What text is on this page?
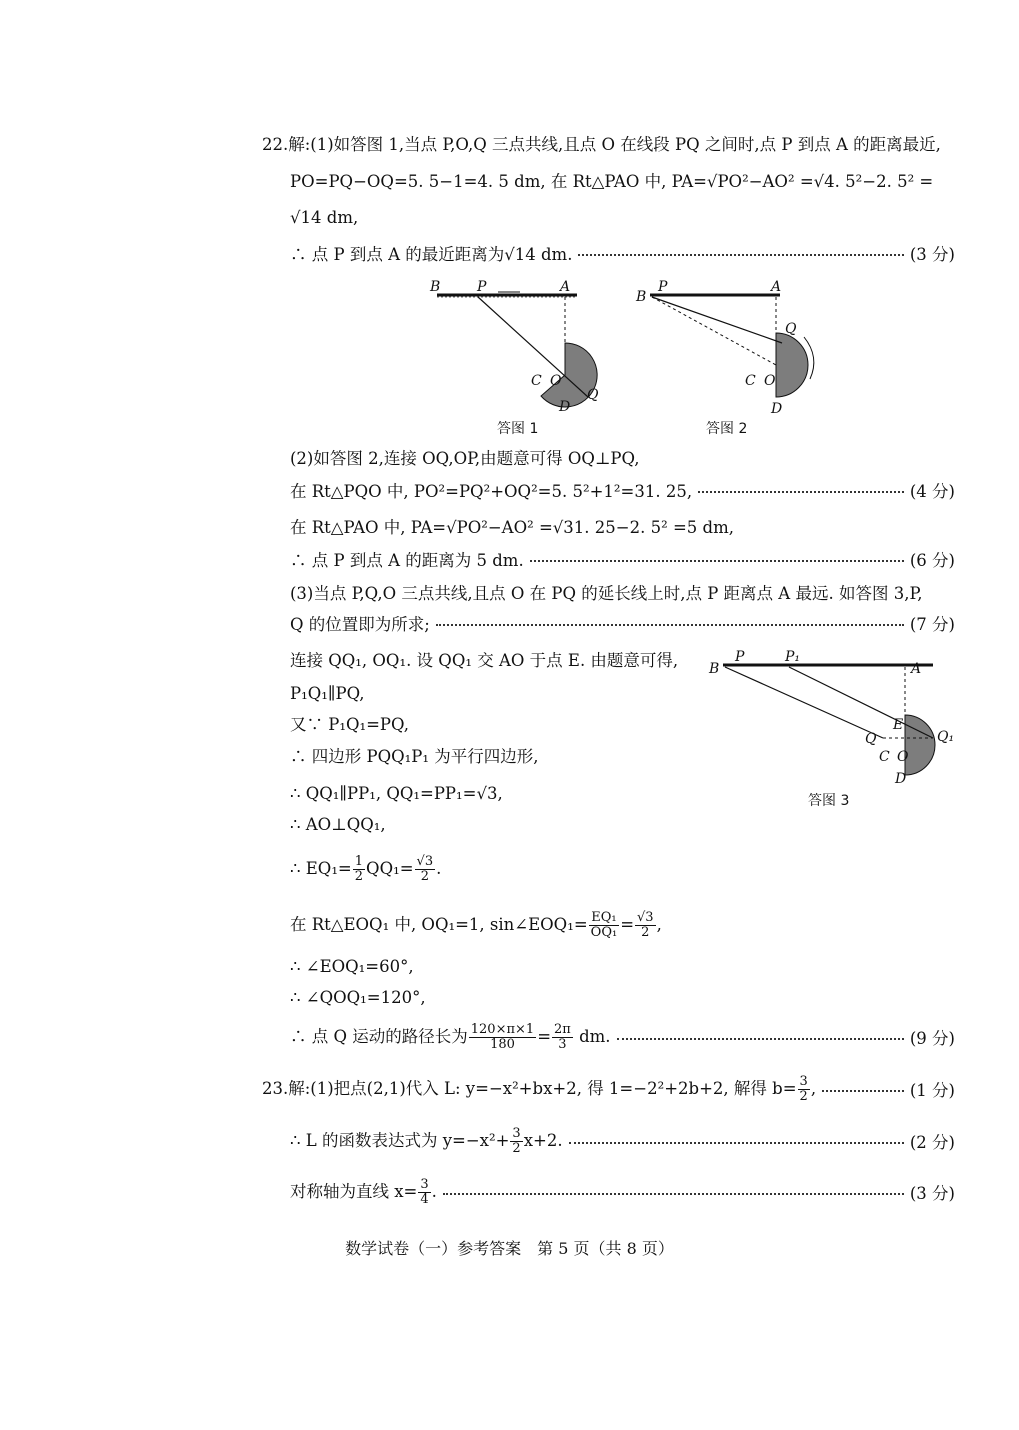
22.解:(1)如答图 1,当点 P,O,Q 三点共线,且点 O 在线段 PQ 之间时,点 P 到点 A 的距离最近,
PO=PQ−OQ=5. 5−1=4. 5 dm, 在 Rt△PAO 中, PA=√PO²−AO² =√4. 5²−2. 5² =
√14 dm,
∴ 点 P 到点 A 的最近距离为√14 dm.	(3 分)
B	P	A
C O
Q
D
答图 1
B
P	A
Q
C O
D
答图 2
(2)如答图 2,连接 OQ,OP,由题意可得 OQ⊥PQ,
在 Rt△PQO 中, PO²=PQ²+OQ²=5. 5²+1²=31. 25,	(4 分)
在 Rt△PAO 中, PA=√PO²−AO² =√31. 25−2. 5² =5 dm,
∴ 点 P 到点 A 的距离为 5 dm.	(6 分)
(3)当点 P,Q,O 三点共线,且点 O 在 PQ 的延长线上时,点 P 距离点 A 最远. 如答图 3,P,
Q 的位置即为所求;	(7 分)
连接 QQ₁, OQ₁. 设 QQ₁ 交 AO 于点 E. 由题意可得,
P₁Q₁∥PQ,
又∵ P₁Q₁=PQ,
∴ 四边形 PQQ₁P₁ 为平行四边形,
∴ QQ₁∥PP₁, QQ₁=PP₁=√3,
∴ AO⊥QQ₁,
∴ $EQ_1= \frac{1}{2} QQ_1= \frac{√3}{2}$ .
B
P	P₁
A
E
Q	Q₁
C O
D
答图 3
在 Rt△EOQ₁ 中, OQ₁=1, sin∠EOQ₁= $\frac{\text{EQ₁}}{\text{OQ₁}} = \frac{√3}{2}$ ,
∴ ∠EOQ₁=60°,
∴ ∠QOQ₁=120°,
∴ 点 Q 运动的路径长为 $\frac{120\times\pi\times 1}{180} = \frac{2\pi}{3}$ dm.	(9 分)
23.解:(1)把点(2,1)代入 L: y=−x²+bx+2, 得 1=−2²+2b+2, 解得 $b= \frac{3}{2}$ ,	(1 分)
∴ L 的函数表达式为 $y=-x^2+ \frac{3}{2} x+2$.	(2 分)
对称轴为直线 $x= \frac{3}{4}$ .	(3 分)
数学试卷（一）参考答案　第 5 页（共 8 页）
